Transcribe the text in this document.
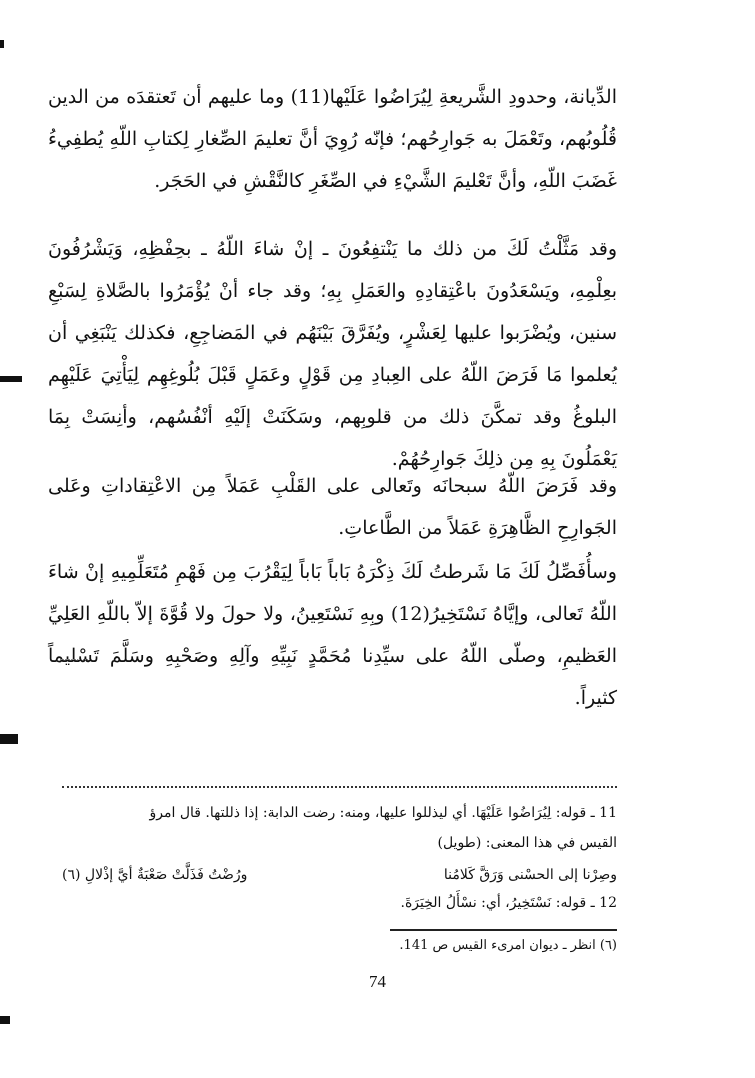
الدِّيانة، وحدودِ الشَّريعةِ لِيُرَاضُوا عَلَيْها(11) وما عليهم أن تَعتقدَه من الدين قُلُوبُهم، وتَعْمَلَ به جَوارِحُهم؛ فإنّه رُوِيَ أنَّ تعليمَ الصِّغارِ لِكتابِ اللّهِ يُطفِيءُ غَضَبَ اللّهِ، وأنَّ تَعْليمَ الشَّيْءِ في الصِّغَرِ كالنَّقْشِ في الحَجَر.

وقد مَثَّلْتُ لَكَ من ذلك ما يَنْتفِعُونَ ـ إنْ شاءَ اللّهُ ـ بحِفْظِهِ، وَيَشْرُفُونَ بعِلْمِهِ، ويَسْعَدُونَ باعْتِقادِهِ والعَمَلِ بِهِ؛ وقد جاء أنْ يُؤْمَرُوا بالصَّلاةِ لِسَبْعِ سنين، ويُضْرَبوا عليها لِعَشْرٍ، ويُفَرَّقَ بَيْنَهُم في المَضاجِعِ، فكذلك يَنْبَغِي أن يُعلموا مَا فَرَضَ اللّهُ على العِبادِ مِن قَوْلٍ وعَمَلٍ قَبْلَ بُلُوغِهِم لِيَأْتِيَ عَلَيْهِم البلوغُ وقد تمكَّنَ ذلك من قلوبِهم، وسَكَنَتْ إلَيْهِ أنْفُسُهم، وأنِسَتْ بِمَا يَعْمَلُونَ بِهِ مِن ذلِكَ جَوارِحُهُمْ.

وقد فَرَضَ اللّهُ سبحانَه وتَعالى على القَلْبِ عَمَلاً مِن الاعْتِقاداتِ وعَلى الجَوارِحِ الظَّاهِرَةِ عَمَلاً من الطَّاعاتِ.

وسأُفَصِّلُ لَكَ مَا شَرطتُ لَكَ ذِكْرَهُ بَاباً بَاباً لِيَقْرُبَ مِن فَهْمِ مُتَعَلِّمِيهِ إنْ شاءَ اللّهُ تَعالى، وإيَّاهُ نَسْتَخِيرُ(12) وبِهِ نَسْتَعِينُ، ولا حولَ ولا قُوَّةَ إلاّ باللّهِ العَلِيِّ العَظيمِ، وصلّى اللّهُ على سيِّدِنا مُحَمَّدٍ نَبِيِّهِ وآلِهِ وصَحْبِهِ وسَلَّمَ تَسْليماً كثيراً.

11 ـ قوله: لِيُرَاضُوا عَلَيْهَا. أي ليذللوا عليها، ومنه: رضت الدابة: إذا ذللتها. قال امرؤ

القيس في هذا المعنى: (طويل)

وصِرْنا إلى الحسْنى وَرَقَّ كَلامُنا
ورُضْتُ فَذَلَّتْ صَعْبَةٌ أيَّ إذْلالِ (٦)

12 ـ قوله: نَسْتَخِيرُ، أي: نسْأَلُ الخِيَرَةَ.

(٦) انظر ـ ديوان امرىء القيس ص 141.

74
